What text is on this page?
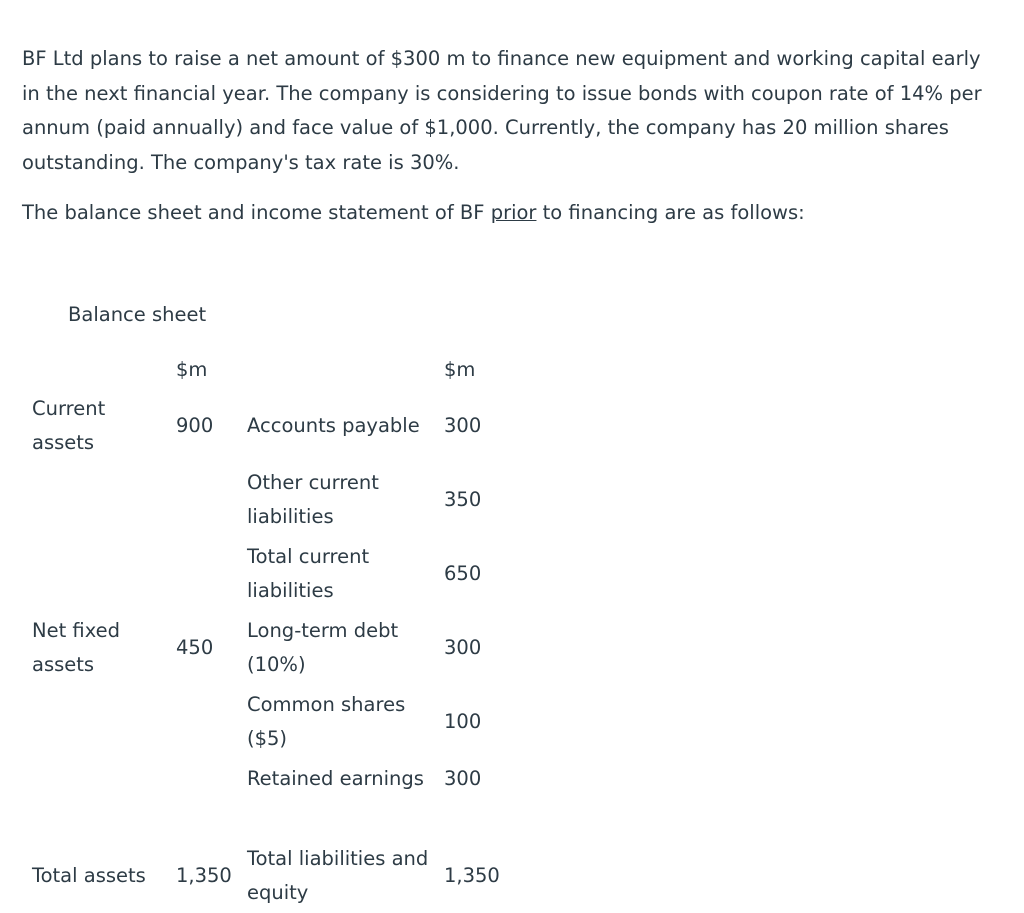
BF Ltd plans to raise a net amount of $300 m to finance new equipment and working capital early in the next financial year. The company is considering to issue bonds with coupon rate of 14% per annum (paid annually) and face value of $1,000. Currently, the company has 20 million shares outstanding. The company's tax rate is 30%.

The balance sheet and income statement of BF prior to financing are as follows:

Balance sheet
$m	$m
Current
assets
900 Accounts payable 300
Other current
liabilities
350
Total current
liabilities
650
Net fixed
assets
450
Long-term debt
(10%)
300
Common shares
($5)
100
Retained earnings 300
Total assets 1,350
Total liabilities and
equity
1,350
